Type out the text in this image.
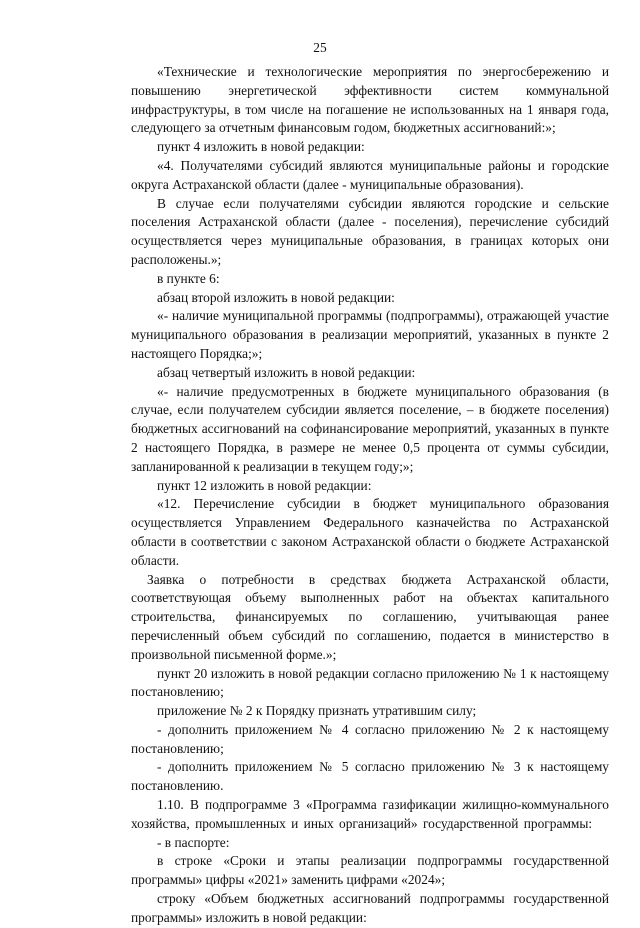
25

«Технические и технологические мероприятия по энергосбережению и повышению энергетической эффективности систем коммунальной инфраструктуры, в том числе на погашение не использованных на 1 января года, следующего за отчетным финансовым годом, бюджетных ассигнований:»;

пункт 4 изложить в новой редакции:

«4. Получателями субсидий являются муниципальные районы и городские округа Астраханской области (далее - муниципальные образования).

В случае если получателями субсидии являются городские и сельские поселения Астраханской области (далее - поселения), перечисление субсидий осуществляется через муниципальные образования, в границах которых они расположены.»;

в пункте 6:

абзац второй изложить в новой редакции:

«- наличие муниципальной программы (подпрограммы), отражающей участие муниципального образования в реализации мероприятий, указанных в пункте 2 настоящего Порядка;»;

абзац четвертый изложить в новой редакции:

«- наличие предусмотренных в бюджете муниципального образования (в случае, если получателем субсидии является поселение, – в бюджете поселения) бюджетных ассигнований на софинансирование мероприятий, указанных в пункте 2 настоящего Порядка, в размере не менее 0,5 процента от суммы субсидии, запланированной к реализации в текущем году;»;

пункт 12 изложить в новой редакции:

«12. Перечисление субсидии в бюджет муниципального образования осуществляется Управлением Федерального казначейства по Астраханской области в соответствии с законом Астраханской области о бюджете Астраханской области.

Заявка о потребности в средствах бюджета Астраханской области, соответствующая объему выполненных работ на объектах капитального строительства, финансируемых по соглашению, учитывающая ранее перечисленный объем субсидий по соглашению, подается в министерство в произвольной письменной форме.»;

пункт 20 изложить в новой редакции согласно приложению № 1 к настоящему постановлению;

приложение № 2 к Порядку признать утратившим силу;

- дополнить приложением № 4 согласно приложению № 2 к настоящему постановлению;

- дополнить приложением № 5 согласно приложению № 3 к настоящему постановлению.

1.10. В подпрограмме 3 «Программа газификации жилищно-коммунального хозяйства, промышленных и иных организаций» государственной программы:

- в паспорте:

в строке «Сроки и этапы реализации подпрограммы государственной программы» цифры «2021» заменить цифрами «2024»;

строку «Объем бюджетных ассигнований подпрограммы государственной программы» изложить в новой редакции:
